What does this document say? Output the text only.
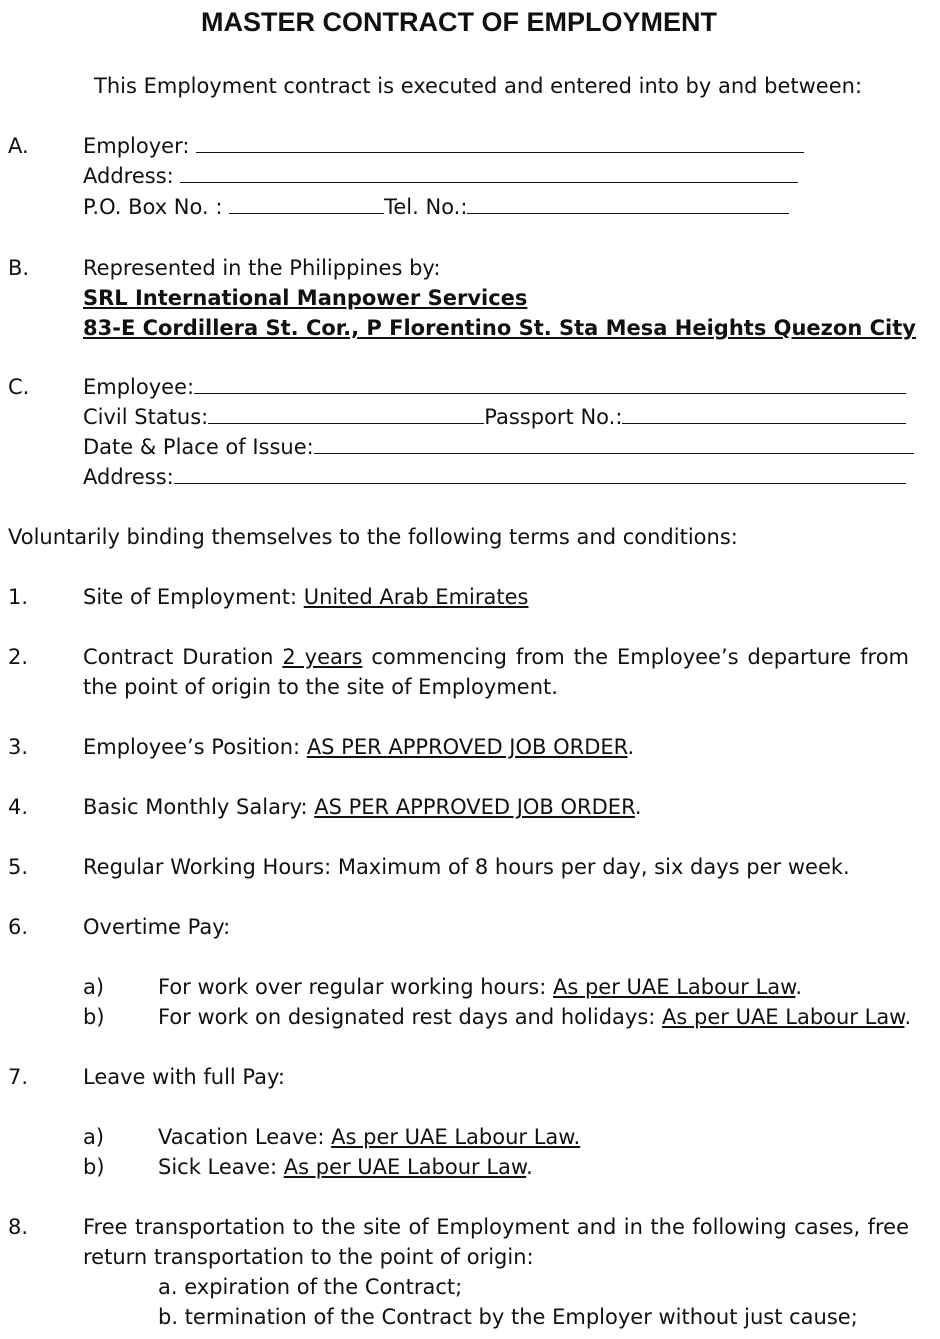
MASTER CONTRACT OF EMPLOYMENT
This Employment contract is executed and entered into by and between:
A.	Employer:
Address:
P.O. Box No. :	Tel. No.:
B.	Represented in the Philippines by:
SRL International Manpower Services
83-E Cordillera St. Cor., P Florentino St. Sta Mesa Heights Quezon City
C.	Employee:
Civil Status:	Passport No.:
Date & Place of Issue:
Address:
Voluntarily binding themselves to the following terms and conditions:
1.	Site of Employment: United Arab Emirates
2.	Contract Duration 2 years commencing from the Employee’s departure from the point of origin to the site of Employment.
3.	Employee’s Position: AS PER APPROVED JOB ORDER.
4.	Basic Monthly Salary: AS PER APPROVED JOB ORDER.
5.	Regular Working Hours: Maximum of 8 hours per day, six days per week.
6.	Overtime Pay:
a)	For work over regular working hours: As per UAE Labour Law.
b)	For work on designated rest days and holidays: As per UAE Labour Law.
7.	Leave with full Pay:
a)	Vacation Leave: As per UAE Labour Law.
b)	Sick Leave: As per UAE Labour Law.
8.	Free transportation to the site of Employment and in the following cases, free return transportation to the point of origin:
a. expiration of the Contract;
b. termination of the Contract by the Employer without just cause;
